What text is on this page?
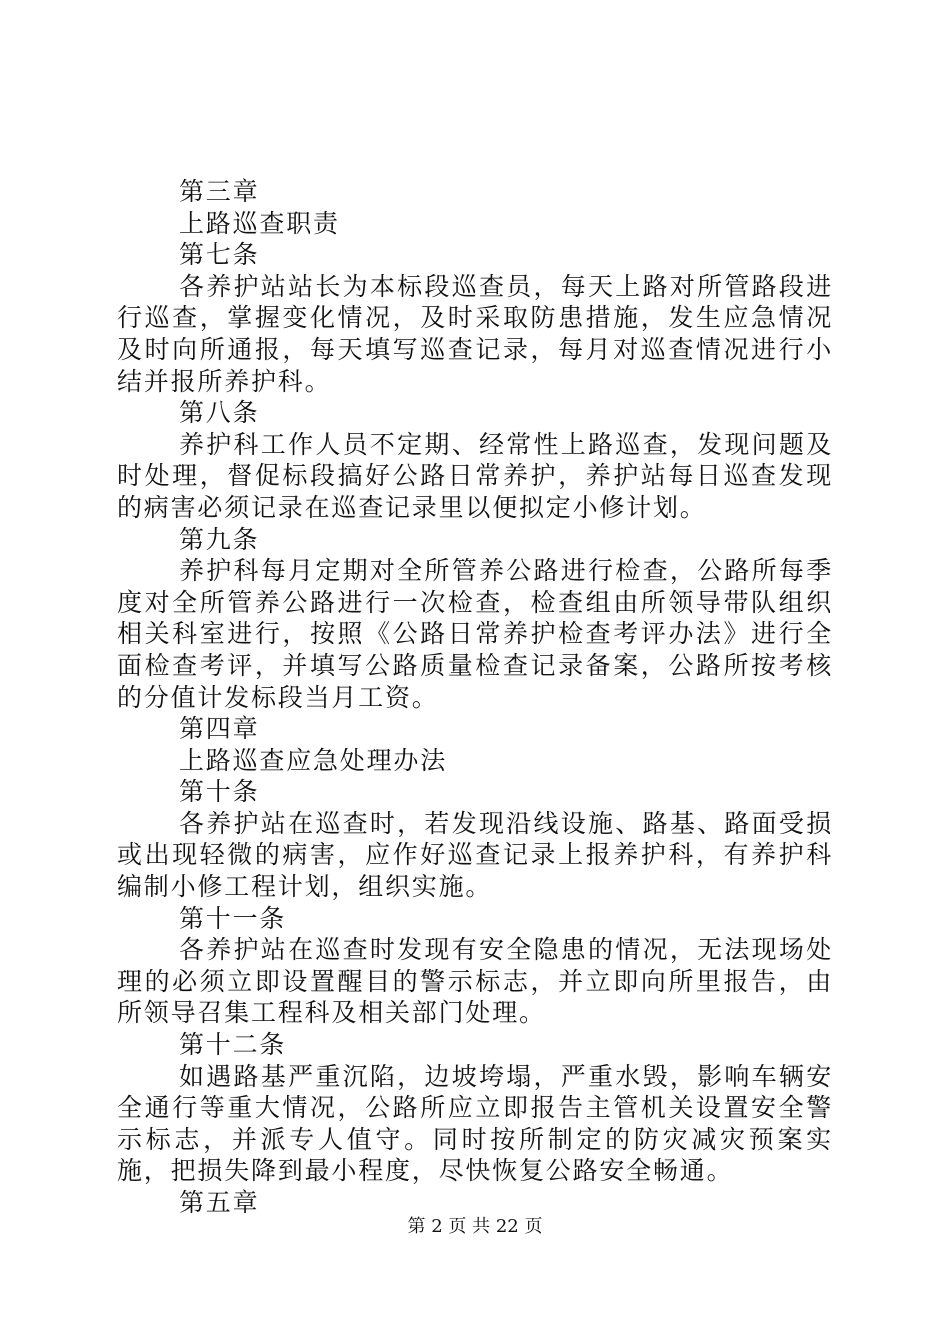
第三章
上路巡查职责
第七条
各养护站站长为本标段巡查员，每天上路对所管路段进行巡查，掌握变化情况，及时采取防患措施，发生应急情况及时向所通报，每天填写巡查记录，每月对巡查情况进行小结并报所养护科。
第八条
养护科工作人员不定期、经常性上路巡查，发现问题及时处理，督促标段搞好公路日常养护，养护站每日巡查发现的病害必须记录在巡查记录里以便拟定小修计划。
第九条
养护科每月定期对全所管养公路进行检查，公路所每季度对全所管养公路进行一次检查，检查组由所领导带队组织相关科室进行，按照《公路日常养护检查考评办法》进行全面检查考评，并填写公路质量检查记录备案，公路所按考核的分值计发标段当月工资。
第四章
上路巡查应急处理办法
第十条
各养护站在巡查时，若发现沿线设施、路基、路面受损或出现轻微的病害，应作好巡查记录上报养护科，有养护科编制小修工程计划，组织实施。
第十一条
各养护站在巡查时发现有安全隐患的情况，无法现场处理的必须立即设置醒目的警示标志，并立即向所里报告，由所领导召集工程科及相关部门处理。
第十二条
如遇路基严重沉陷，边坡垮塌，严重水毁，影响车辆安全通行等重大情况，公路所应立即报告主管机关设置安全警示标志，并派专人值守。同时按所制定的防灾减灾预案实施，把损失降到最小程度，尽快恢复公路安全畅通。
第五章
第 2 页 共 22 页
